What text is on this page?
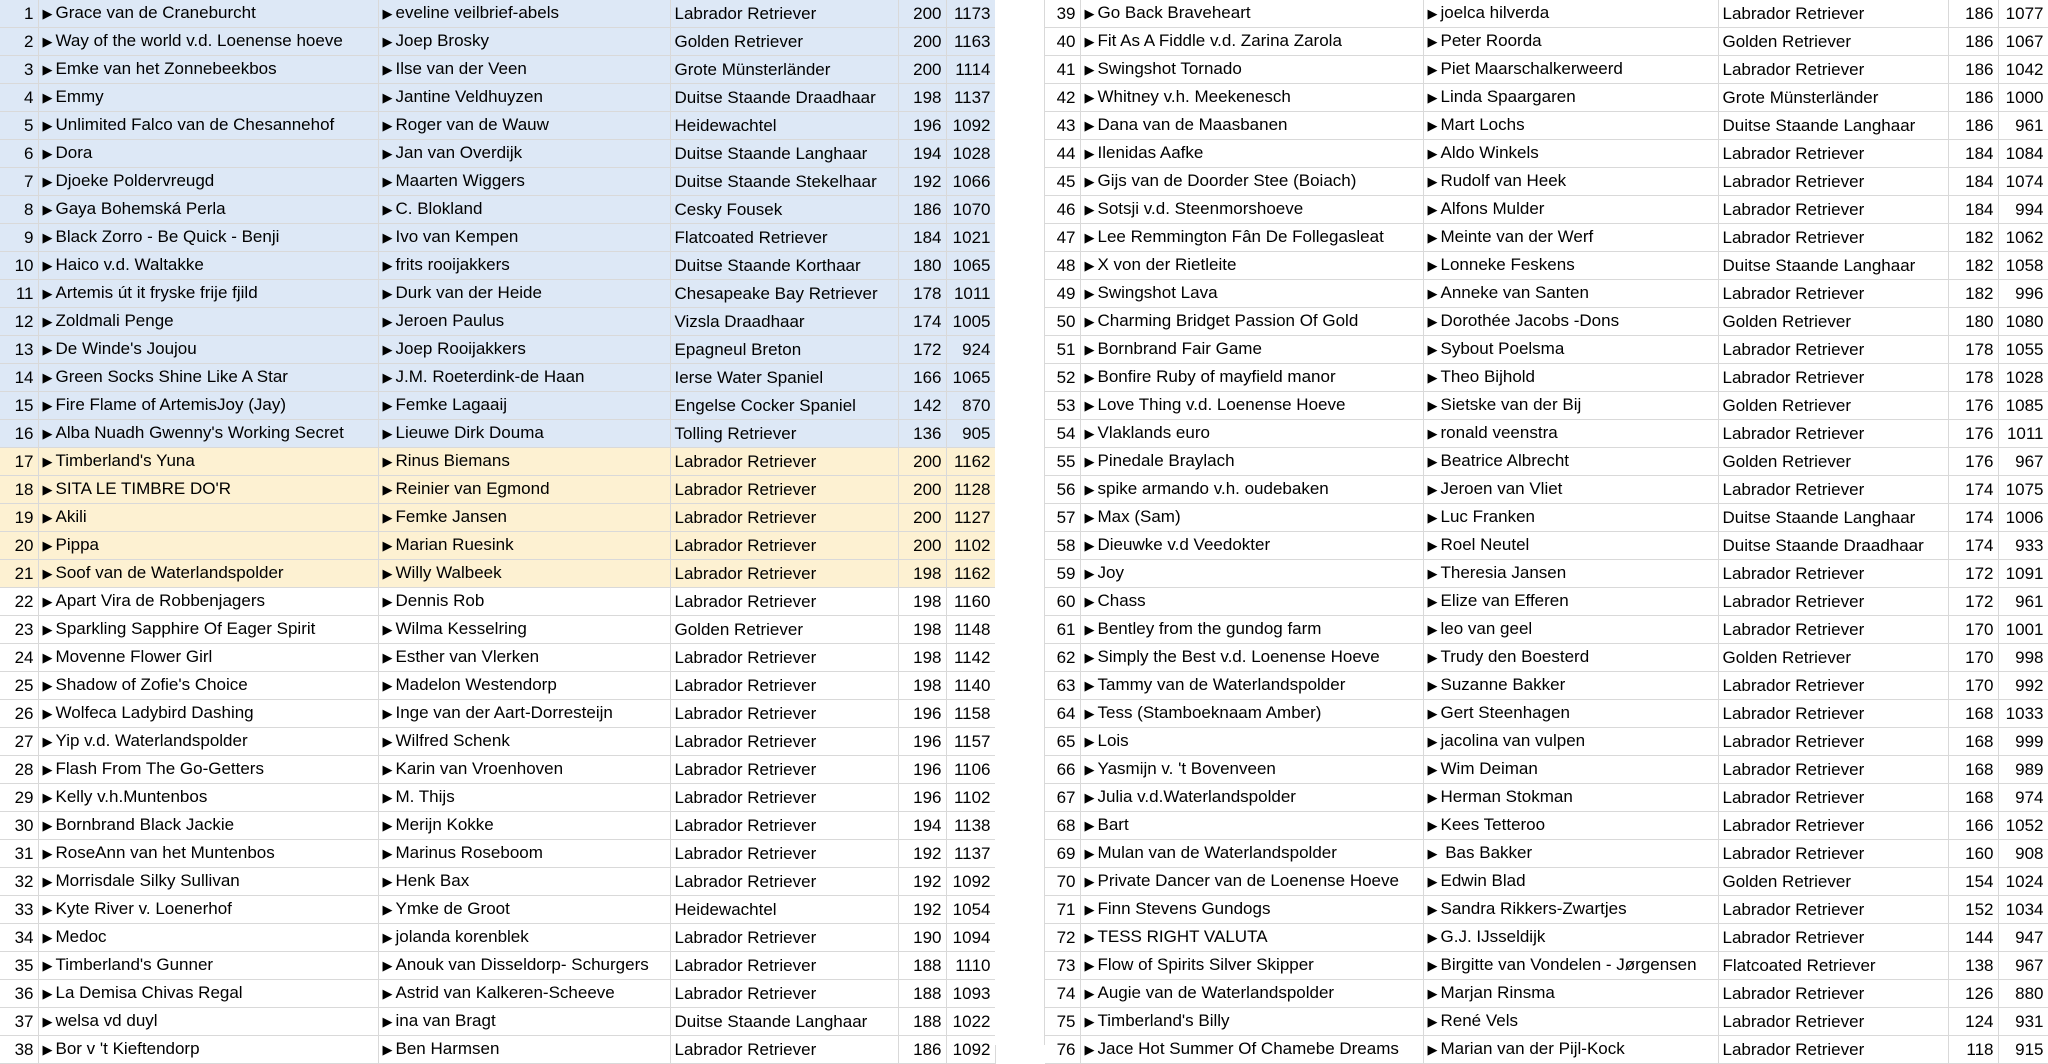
1	▶ Grace van de Craneburcht	▶ eveline veilbrief-abels	Labrador Retriever	200	1173
2	▶ Way of the world v.d. Loenense hoeve	▶ Joep Brosky	Golden Retriever	200	1163
3	▶ Emke van het Zonnebeekbos	▶ Ilse van der Veen	Grote Münsterländer	200	1114
4	▶ Emmy	▶ Jantine Veldhuyzen	Duitse Staande Draadhaar	198	1137
5	▶ Unlimited Falco van de Chesannehof	▶ Roger van de Wauw	Heidewachtel	196	1092
6	▶ Dora	▶ Jan van Overdijk	Duitse Staande Langhaar	194	1028
7	▶ Djoeke Poldervreugd	▶ Maarten Wiggers	Duitse Staande Stekelhaar	192	1066
8	▶ Gaya Bohemská Perla	▶ C. Blokland	Cesky Fousek	186	1070
9	▶ Black Zorro - Be Quick - Benji	▶ Ivo van Kempen	Flatcoated Retriever	184	1021
10	▶ Haico v.d. Waltakke	▶ frits rooijakkers	Duitse Staande Korthaar	180	1065
11	▶ Artemis út it fryske frije fjild	▶ Durk van der Heide	Chesapeake Bay Retriever	178	1011
12	▶ Zoldmali Penge	▶ Jeroen Paulus	Vizsla Draadhaar	174	1005
13	▶ De Winde's Joujou	▶ Joep Rooijakkers	Epagneul Breton	172	924
14	▶ Green Socks Shine Like A Star	▶ J.M. Roeterdink-de Haan	Ierse Water Spaniel	166	1065
15	▶ Fire Flame of ArtemisJoy (Jay)	▶ Femke Lagaaij	Engelse Cocker Spaniel	142	870
16	▶ Alba Nuadh Gwenny's Working Secret	▶ Lieuwe Dirk Douma	Tolling Retriever	136	905
17	▶ Timberland's Yuna	▶ Rinus Biemans	Labrador Retriever	200	1162
18	▶ SITA LE TIMBRE DO'R	▶ Reinier van Egmond	Labrador Retriever	200	1128
19	▶ Akili	▶ Femke Jansen	Labrador Retriever	200	1127
20	▶ Pippa	▶ Marian Ruesink	Labrador Retriever	200	1102
21	▶ Soof van de Waterlandspolder	▶ Willy Walbeek	Labrador Retriever	198	1162
22	▶ Apart Vira de Robbenjagers	▶ Dennis Rob	Labrador Retriever	198	1160
23	▶ Sparkling Sapphire Of Eager Spirit	▶ Wilma Kesselring	Golden Retriever	198	1148
24	▶ Movenne Flower Girl	▶ Esther van Vlerken	Labrador Retriever	198	1142
25	▶ Shadow of Zofie's Choice	▶ Madelon Westendorp	Labrador Retriever	198	1140
26	▶ Wolfeca Ladybird Dashing	▶ Inge van der Aart-Dorresteijn	Labrador Retriever	196	1158
27	▶ Yip v.d. Waterlandspolder	▶ Wilfred Schenk	Labrador Retriever	196	1157
28	▶ Flash From The Go-Getters	▶ Karin van Vroenhoven	Labrador Retriever	196	1106
29	▶ Kelly v.h.Muntenbos	▶ M. Thijs	Labrador Retriever	196	1102
30	▶ Bornbrand Black Jackie	▶ Merijn Kokke	Labrador Retriever	194	1138
31	▶ RoseAnn van het Muntenbos	▶ Marinus Roseboom	Labrador Retriever	192	1137
32	▶ Morrisdale Silky Sullivan	▶ Henk Bax	Labrador Retriever	192	1092
33	▶ Kyte River v. Loenerhof	▶ Ymke de Groot	Heidewachtel	192	1054
34	▶ Medoc	▶ jolanda korenblek	Labrador Retriever	190	1094
35	▶ Timberland's Gunner	▶ Anouk van Disseldorp- Schurgers	Labrador Retriever	188	1110
36	▶ La Demisa Chivas Regal	▶ Astrid van Kalkeren-Scheeve	Labrador Retriever	188	1093
37	▶ welsa vd duyl	▶ ina van Bragt	Duitse Staande Langhaar	188	1022
38	▶ Bor v 't Kieftendorp	▶ Ben Harmsen	Labrador Retriever	186	1092
39	▶ Go Back Braveheart	▶ joelca hilverda	Labrador Retriever	186	1077
40	▶ Fit As A Fiddle v.d. Zarina Zarola	▶ Peter Roorda	Golden Retriever	186	1067
41	▶ Swingshot Tornado	▶ Piet Maarschalkerweerd	Labrador Retriever	186	1042
42	▶ Whitney v.h. Meekenesch	▶ Linda Spaargaren	Grote Münsterländer	186	1000
43	▶ Dana van de Maasbanen	▶ Mart Lochs	Duitse Staande Langhaar	186	961
44	▶ Ilenidas Aafke	▶ Aldo Winkels	Labrador Retriever	184	1084
45	▶ Gijs van de Doorder Stee (Boiach)	▶ Rudolf van Heek	Labrador Retriever	184	1074
46	▶ Sotsji v.d. Steenmorshoeve	▶ Alfons Mulder	Labrador Retriever	184	994
47	▶ Lee Remmington Fân De Follegasleat	▶ Meinte van der Werf	Labrador Retriever	182	1062
48	▶ X von der Rietleite	▶ Lonneke Feskens	Duitse Staande Langhaar	182	1058
49	▶ Swingshot Lava	▶ Anneke van Santen	Labrador Retriever	182	996
50	▶ Charming Bridget Passion Of Gold	▶ Dorothée Jacobs -Dons	Golden Retriever	180	1080
51	▶ Bornbrand Fair Game	▶ Sybout Poelsma	Labrador Retriever	178	1055
52	▶ Bonfire Ruby of mayfield manor	▶ Theo Bijhold	Labrador Retriever	178	1028
53	▶ Love Thing v.d. Loenense Hoeve	▶ Sietske van der Bij	Golden Retriever	176	1085
54	▶ Vlaklands euro	▶ ronald veenstra	Labrador Retriever	176	1011
55	▶ Pinedale Braylach	▶ Beatrice Albrecht	Golden Retriever	176	967
56	▶ spike armando v.h. oudebaken	▶ Jeroen van Vliet	Labrador Retriever	174	1075
57	▶ Max (Sam)	▶ Luc Franken	Duitse Staande Langhaar	174	1006
58	▶ Dieuwke v.d Veedokter	▶ Roel Neutel	Duitse Staande Draadhaar	174	933
59	▶ Joy	▶ Theresia Jansen	Labrador Retriever	172	1091
60	▶ Chass	▶ Elize van Efferen	Labrador Retriever	172	961
61	▶ Bentley from the gundog farm	▶ leo van geel	Labrador Retriever	170	1001
62	▶ Simply the Best v.d. Loenense Hoeve	▶ Trudy den Boesterd	Golden Retriever	170	998
63	▶ Tammy van de Waterlandspolder	▶ Suzanne Bakker	Labrador Retriever	170	992
64	▶ Tess (Stamboeknaam Amber)	▶ Gert Steenhagen	Labrador Retriever	168	1033
65	▶ Lois	▶ jacolina van vulpen	Labrador Retriever	168	999
66	▶ Yasmijn v. 't Bovenveen	▶ Wim Deiman	Labrador Retriever	168	989
67	▶ Julia v.d.Waterlandspolder	▶ Herman Stokman	Labrador Retriever	168	974
68	▶ Bart	▶ Kees Tetteroo	Labrador Retriever	166	1052
69	▶ Mulan van de Waterlandspolder	▶ Bas Bakker	Labrador Retriever	160	908
70	▶ Private Dancer van de Loenense Hoeve	▶ Edwin Blad	Golden Retriever	154	1024
71	▶ Finn Stevens Gundogs	▶ Sandra Rikkers-Zwartjes	Labrador Retriever	152	1034
72	▶ TESS RIGHT VALUTA	▶ G.J. IJsseldijk	Labrador Retriever	144	947
73	▶ Flow of Spirits Silver Skipper	▶ Birgitte van Vondelen - Jørgensen	Flatcoated Retriever	138	967
74	▶ Augie van de Waterlandspolder	▶ Marjan Rinsma	Labrador Retriever	126	880
75	▶ Timberland's Billy	▶ René Vels	Labrador Retriever	124	931
76	▶ Jace Hot Summer Of Chamebe Dreams	▶ Marian van der Pijl-Kock	Labrador Retriever	118	915
